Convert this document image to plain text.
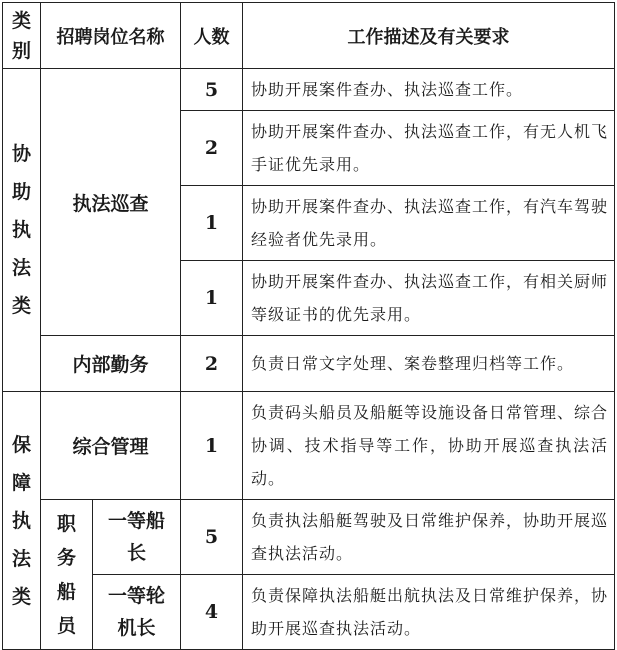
类别	招聘岗位名称		人数	工作描述及有关要求
协助执法类	执法巡查		5	协助开展案件查办、执法巡查工作。
			2	协助开展案件查办、执法巡查工作，有无人机飞手证优先录用。
			1	协助开展案件查办、执法巡查工作，有汽车驾驶经验者优先录用。
			1	协助开展案件查办、执法巡查工作，有相关厨师等级证书的优先录用。
	内部勤务		2	负责日常文字处理、案卷整理归档等工作。
保障执法类	综合管理		1	负责码头船员及船艇等设施设备日常管理、综合协调、技术指导等工作，协助开展巡查执法活动。
	职务船员	一等船长	5	负责执法船艇驾驶及日常维护保养，协助开展巡查执法活动。
		一等轮机长	4	负责保障执法船艇出航执法及日常维护保养，协助开展巡查执法活动。
